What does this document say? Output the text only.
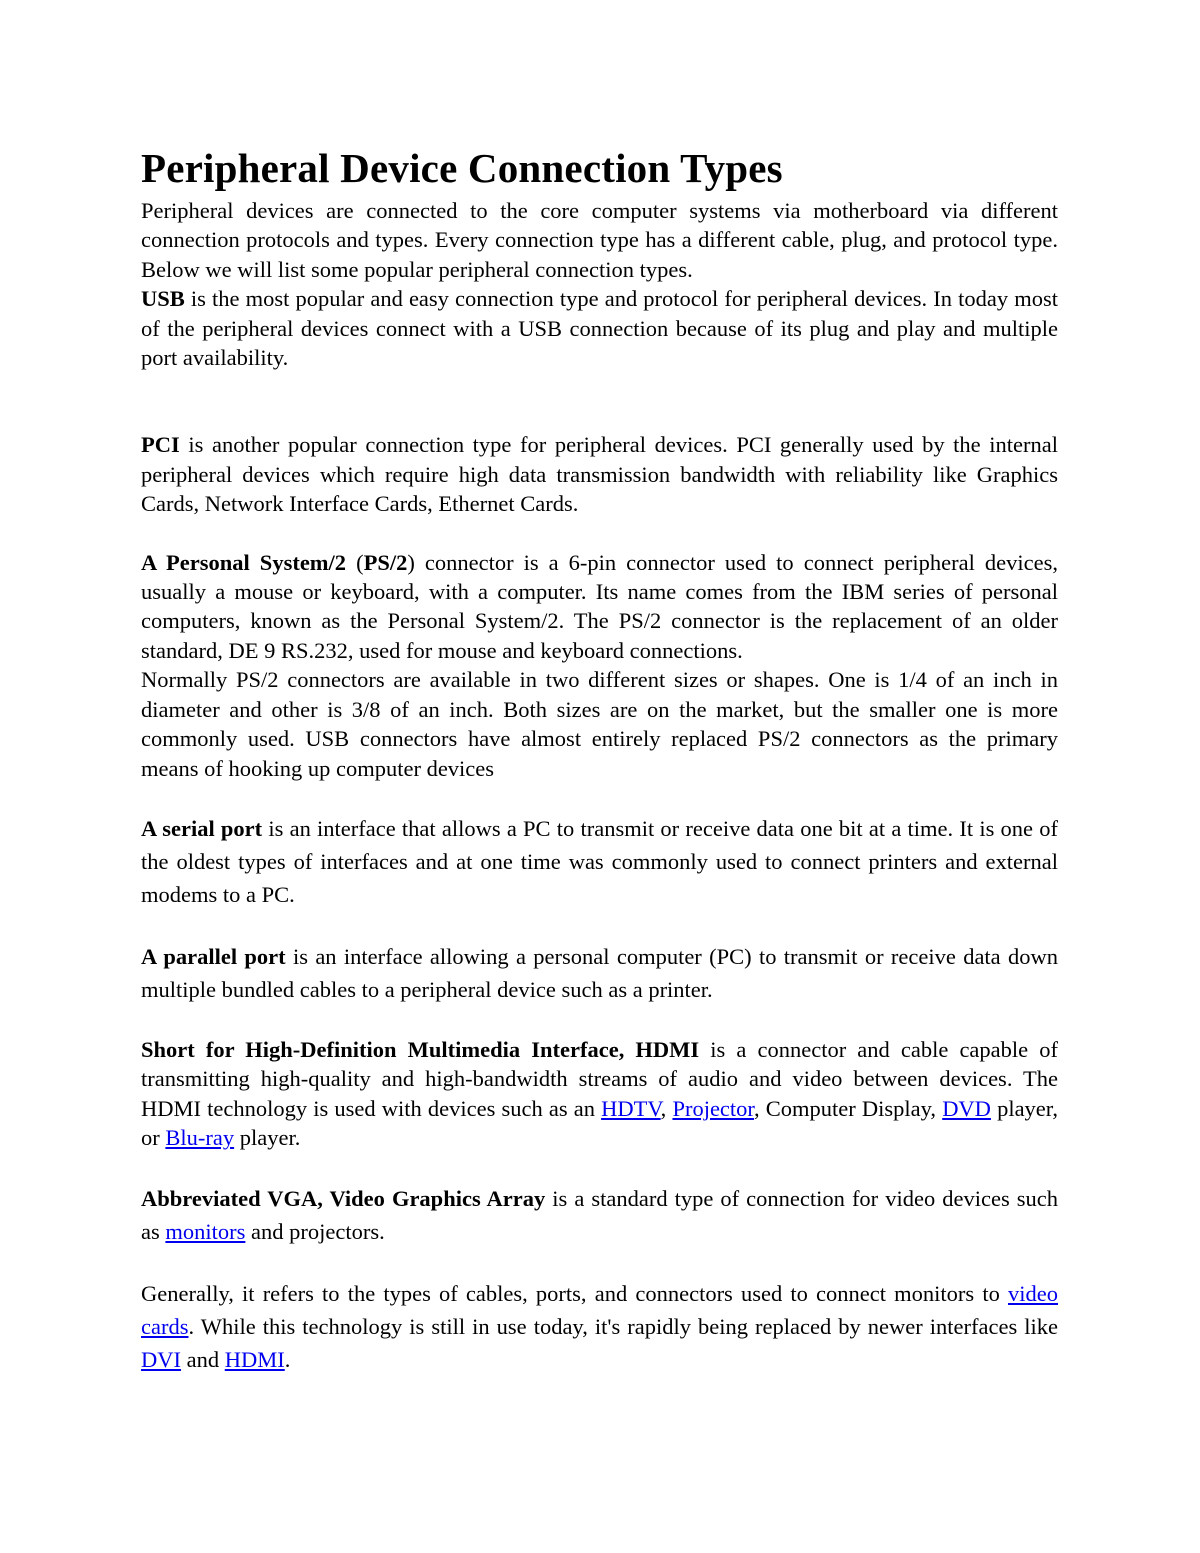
Peripheral Device Connection Types

Peripheral devices are connected to the core computer systems via motherboard via different connection protocols and types. Every connection type has a different cable, plug, and protocol type. Below we will list some popular peripheral connection types.

USB is the most popular and easy connection type and protocol for peripheral devices. In today most of the peripheral devices connect with a USB connection because of its plug and play and multiple port availability.

PCI is another popular connection type for peripheral devices. PCI generally used by the internal peripheral devices which require high data transmission bandwidth with reliability like Graphics Cards, Network Interface Cards, Ethernet Cards.

A Personal System/2 (PS/2) connector is a 6-pin connector used to connect peripheral devices, usually a mouse or keyboard, with a computer. Its name comes from the IBM series of personal computers, known as the Personal System/2. The PS/2 connector is the replacement of an older standard, DE 9 RS.232, used for mouse and keyboard connections.

Normally PS/2 connectors are available in two different sizes or shapes. One is 1/4 of an inch in diameter and other is 3/8 of an inch. Both sizes are on the market, but the smaller one is more commonly used. USB connectors have almost entirely replaced PS/2 connectors as the primary means of hooking up computer devices

A serial port is an interface that allows a PC to transmit or receive data one bit at a time. It is one of the oldest types of interfaces and at one time was commonly used to connect printers and external modems to a PC.

A parallel port is an interface allowing a personal computer (PC) to transmit or receive data down multiple bundled cables to a peripheral device such as a printer.

Short for High-Definition Multimedia Interface, HDMI is a connector and cable capable of transmitting high-quality and high-bandwidth streams of audio and video between devices. The HDMI technology is used with devices such as an HDTV, Projector, Computer Display, DVD player, or Blu-ray player.

Abbreviated VGA, Video Graphics Array is a standard type of connection for video devices such as monitors and projectors.

Generally, it refers to the types of cables, ports, and connectors used to connect monitors to video cards. While this technology is still in use today, it's rapidly being replaced by newer interfaces like DVI and HDMI.
